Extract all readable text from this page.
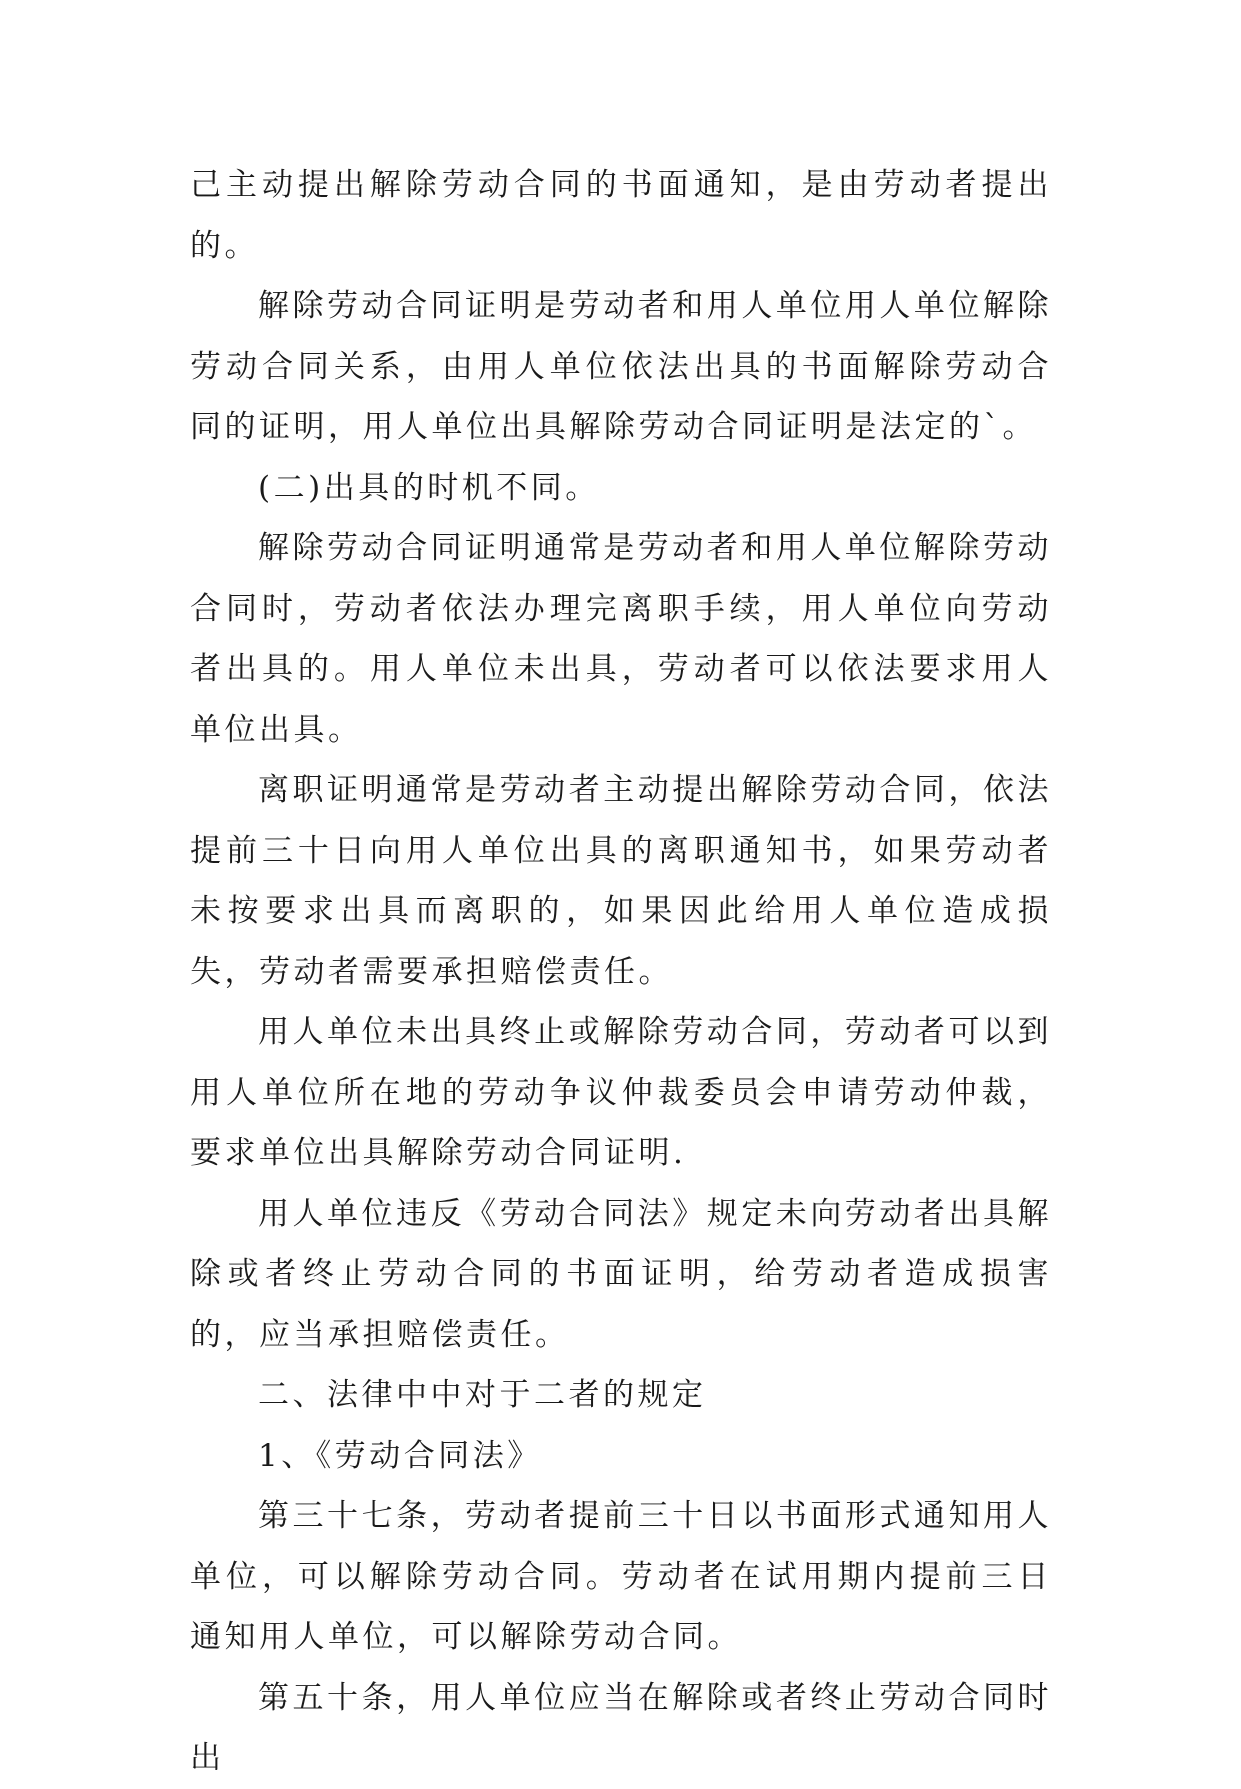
己主动提出解除劳动合同的书面通知，是由劳动者提出的。

解除劳动合同证明是劳动者和用人单位用人单位解除劳动合同关系，由用人单位依法出具的书面解除劳动合同的证明，用人单位出具解除劳动合同证明是法定的`。

(二)出具的时机不同。

解除劳动合同证明通常是劳动者和用人单位解除劳动合同时，劳动者依法办理完离职手续，用人单位向劳动者出具的。用人单位未出具，劳动者可以依法要求用人单位出具。

离职证明通常是劳动者主动提出解除劳动合同，依法提前三十日向用人单位出具的离职通知书，如果劳动者未按要求出具而离职的，如果因此给用人单位造成损失，劳动者需要承担赔偿责任。

用人单位未出具终止或解除劳动合同，劳动者可以到用人单位所在地的劳动争议仲裁委员会申请劳动仲裁，要求单位出具解除劳动合同证明.

用人单位违反《劳动合同法》规定未向劳动者出具解除或者终止劳动合同的书面证明，给劳动者造成损害的，应当承担赔偿责任。

二、法律中中对于二者的规定

1、《劳动合同法》

第三十七条，劳动者提前三十日以书面形式通知用人单位，可以解除劳动合同。劳动者在试用期内提前三日通知用人单位，可以解除劳动合同。

第五十条，用人单位应当在解除或者终止劳动合同时出
